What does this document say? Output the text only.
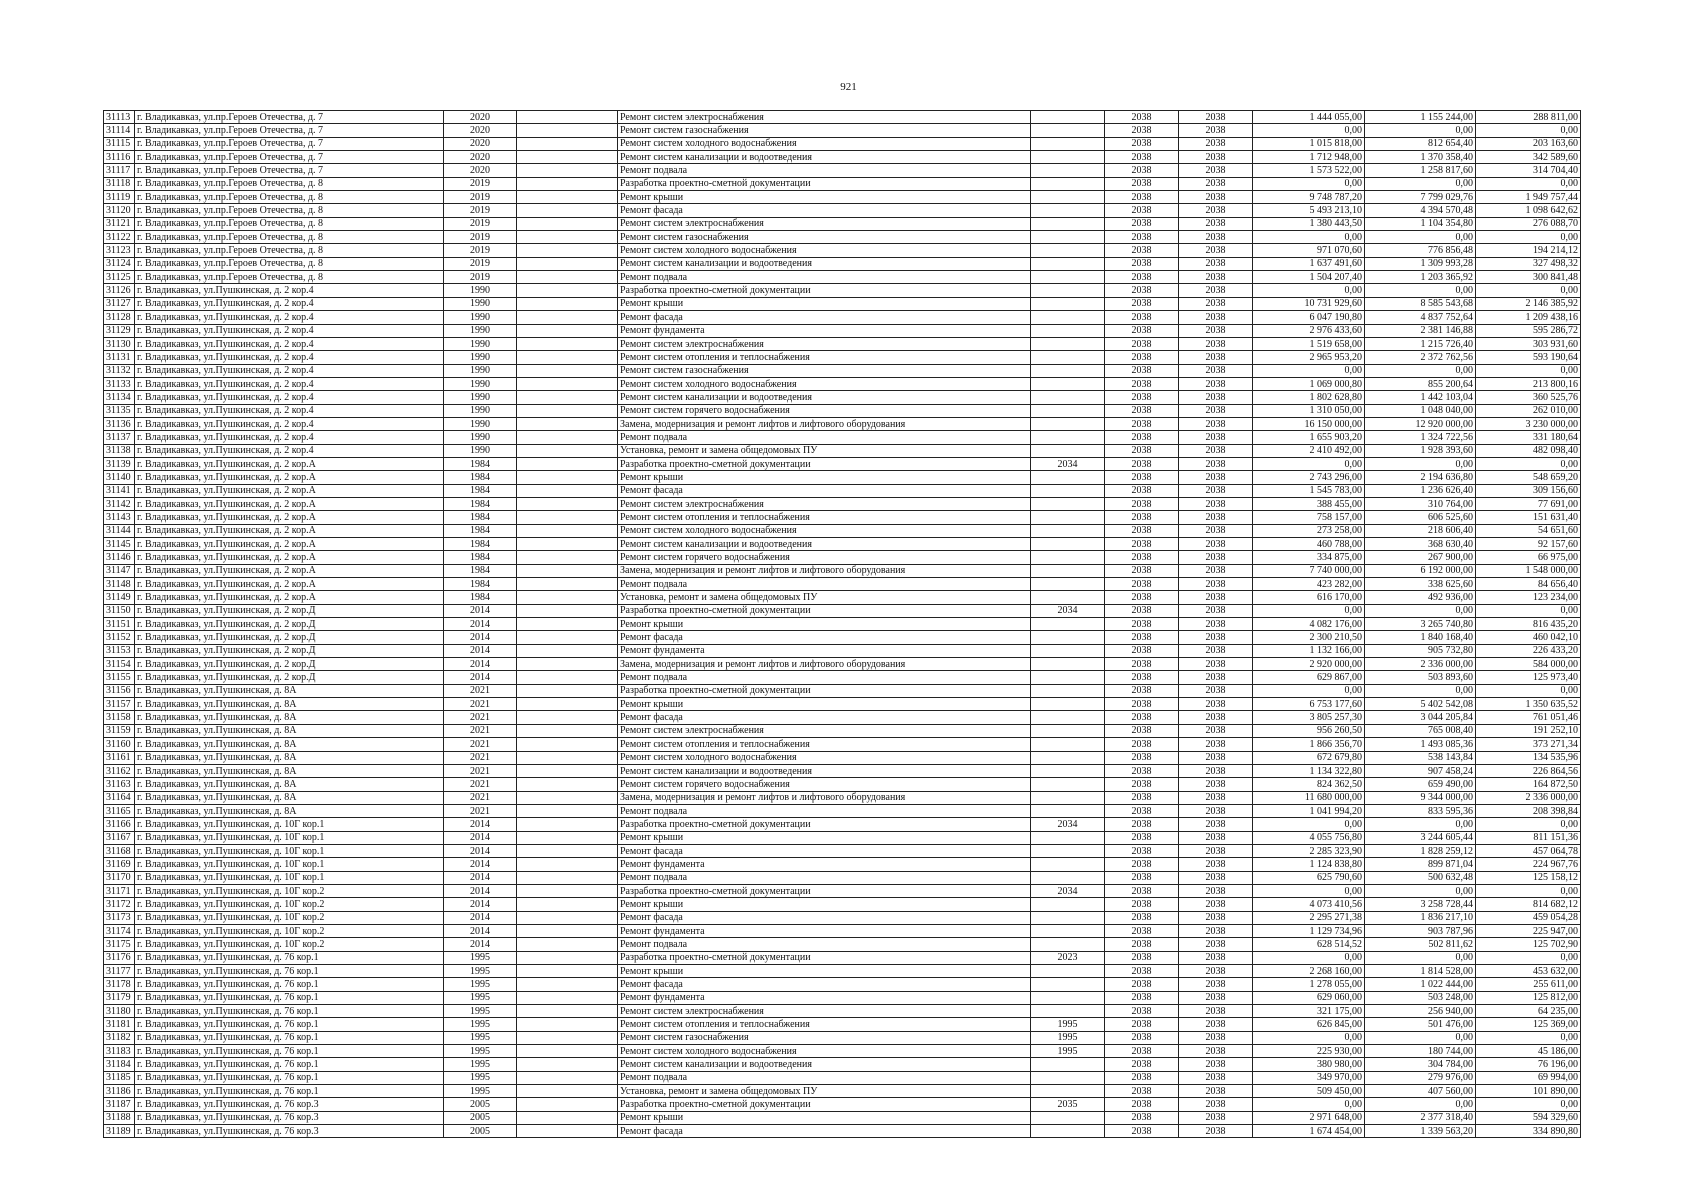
921
31113	г. Владикавказ, ул.пр.Героев Отечества, д. 7	2020		Ремонт систем электроснабжения		2038	2038	1 444 055,00	1 155 244,00	288 811,00
31114	г. Владикавказ, ул.пр.Героев Отечества, д. 7	2020		Ремонт систем газоснабжения		2038	2038	0,00	0,00	0,00
31115	г. Владикавказ, ул.пр.Героев Отечества, д. 7	2020		Ремонт систем холодного водоснабжения		2038	2038	1 015 818,00	812 654,40	203 163,60
31116	г. Владикавказ, ул.пр.Героев Отечества, д. 7	2020		Ремонт систем канализации и водоотведения		2038	2038	1 712 948,00	1 370 358,40	342 589,60
31117	г. Владикавказ, ул.пр.Героев Отечества, д. 7	2020		Ремонт подвала		2038	2038	1 573 522,00	1 258 817,60	314 704,40
31118	г. Владикавказ, ул.пр.Героев Отечества, д. 8	2019		Разработка проектно-сметной документации		2038	2038	0,00	0,00	0,00
31119	г. Владикавказ, ул.пр.Героев Отечества, д. 8	2019		Ремонт крыши		2038	2038	9 748 787,20	7 799 029,76	1 949 757,44
31120	г. Владикавказ, ул.пр.Героев Отечества, д. 8	2019		Ремонт фасада		2038	2038	5 493 213,10	4 394 570,48	1 098 642,62
31121	г. Владикавказ, ул.пр.Героев Отечества, д. 8	2019		Ремонт систем электроснабжения		2038	2038	1 380 443,50	1 104 354,80	276 088,70
31122	г. Владикавказ, ул.пр.Героев Отечества, д. 8	2019		Ремонт систем газоснабжения		2038	2038	0,00	0,00	0,00
31123	г. Владикавказ, ул.пр.Героев Отечества, д. 8	2019		Ремонт систем холодного водоснабжения		2038	2038	971 070,60	776 856,48	194 214,12
31124	г. Владикавказ, ул.пр.Героев Отечества, д. 8	2019		Ремонт систем канализации и водоотведения		2038	2038	1 637 491,60	1 309 993,28	327 498,32
31125	г. Владикавказ, ул.пр.Героев Отечества, д. 8	2019		Ремонт подвала		2038	2038	1 504 207,40	1 203 365,92	300 841,48
31126	г. Владикавказ, ул.Пушкинская, д. 2 кор.4	1990		Разработка проектно-сметной документации		2038	2038	0,00	0,00	0,00
31127	г. Владикавказ, ул.Пушкинская, д. 2 кор.4	1990		Ремонт крыши		2038	2038	10 731 929,60	8 585 543,68	2 146 385,92
31128	г. Владикавказ, ул.Пушкинская, д. 2 кор.4	1990		Ремонт фасада		2038	2038	6 047 190,80	4 837 752,64	1 209 438,16
31129	г. Владикавказ, ул.Пушкинская, д. 2 кор.4	1990		Ремонт фундамента		2038	2038	2 976 433,60	2 381 146,88	595 286,72
31130	г. Владикавказ, ул.Пушкинская, д. 2 кор.4	1990		Ремонт систем электроснабжения		2038	2038	1 519 658,00	1 215 726,40	303 931,60
31131	г. Владикавказ, ул.Пушкинская, д. 2 кор.4	1990		Ремонт систем отопления и теплоснабжения		2038	2038	2 965 953,20	2 372 762,56	593 190,64
31132	г. Владикавказ, ул.Пушкинская, д. 2 кор.4	1990		Ремонт систем газоснабжения		2038	2038	0,00	0,00	0,00
31133	г. Владикавказ, ул.Пушкинская, д. 2 кор.4	1990		Ремонт систем холодного водоснабжения		2038	2038	1 069 000,80	855 200,64	213 800,16
31134	г. Владикавказ, ул.Пушкинская, д. 2 кор.4	1990		Ремонт систем канализации и водоотведения		2038	2038	1 802 628,80	1 442 103,04	360 525,76
31135	г. Владикавказ, ул.Пушкинская, д. 2 кор.4	1990		Ремонт систем горячего водоснабжения		2038	2038	1 310 050,00	1 048 040,00	262 010,00
31136	г. Владикавказ, ул.Пушкинская, д. 2 кор.4	1990		Замена, модернизация и ремонт лифтов и лифтового оборудования		2038	2038	16 150 000,00	12 920 000,00	3 230 000,00
31137	г. Владикавказ, ул.Пушкинская, д. 2 кор.4	1990		Ремонт подвала		2038	2038	1 655 903,20	1 324 722,56	331 180,64
31138	г. Владикавказ, ул.Пушкинская, д. 2 кор.4	1990		Установка, ремонт и замена общедомовых ПУ		2038	2038	2 410 492,00	1 928 393,60	482 098,40
31139	г. Владикавказ, ул.Пушкинская, д. 2 кор.А	1984		Разработка проектно-сметной документации	2034	2038	2038	0,00	0,00	0,00
31140	г. Владикавказ, ул.Пушкинская, д. 2 кор.А	1984		Ремонт крыши		2038	2038	2 743 296,00	2 194 636,80	548 659,20
31141	г. Владикавказ, ул.Пушкинская, д. 2 кор.А	1984		Ремонт фасада		2038	2038	1 545 783,00	1 236 626,40	309 156,60
31142	г. Владикавказ, ул.Пушкинская, д. 2 кор.А	1984		Ремонт систем электроснабжения		2038	2038	388 455,00	310 764,00	77 691,00
31143	г. Владикавказ, ул.Пушкинская, д. 2 кор.А	1984		Ремонт систем отопления и теплоснабжения		2038	2038	758 157,00	606 525,60	151 631,40
31144	г. Владикавказ, ул.Пушкинская, д. 2 кор.А	1984		Ремонт систем холодного водоснабжения		2038	2038	273 258,00	218 606,40	54 651,60
31145	г. Владикавказ, ул.Пушкинская, д. 2 кор.А	1984		Ремонт систем канализации и водоотведения		2038	2038	460 788,00	368 630,40	92 157,60
31146	г. Владикавказ, ул.Пушкинская, д. 2 кор.А	1984		Ремонт систем горячего водоснабжения		2038	2038	334 875,00	267 900,00	66 975,00
31147	г. Владикавказ, ул.Пушкинская, д. 2 кор.А	1984		Замена, модернизация и ремонт лифтов и лифтового оборудования		2038	2038	7 740 000,00	6 192 000,00	1 548 000,00
31148	г. Владикавказ, ул.Пушкинская, д. 2 кор.А	1984		Ремонт подвала		2038	2038	423 282,00	338 625,60	84 656,40
31149	г. Владикавказ, ул.Пушкинская, д. 2 кор.А	1984		Установка, ремонт и замена общедомовых ПУ		2038	2038	616 170,00	492 936,00	123 234,00
31150	г. Владикавказ, ул.Пушкинская, д. 2 кор.Д	2014		Разработка проектно-сметной документации	2034	2038	2038	0,00	0,00	0,00
31151	г. Владикавказ, ул.Пушкинская, д. 2 кор.Д	2014		Ремонт крыши		2038	2038	4 082 176,00	3 265 740,80	816 435,20
31152	г. Владикавказ, ул.Пушкинская, д. 2 кор.Д	2014		Ремонт фасада		2038	2038	2 300 210,50	1 840 168,40	460 042,10
31153	г. Владикавказ, ул.Пушкинская, д. 2 кор.Д	2014		Ремонт фундамента		2038	2038	1 132 166,00	905 732,80	226 433,20
31154	г. Владикавказ, ул.Пушкинская, д. 2 кор.Д	2014		Замена, модернизация и ремонт лифтов и лифтового оборудования		2038	2038	2 920 000,00	2 336 000,00	584 000,00
31155	г. Владикавказ, ул.Пушкинская, д. 2 кор.Д	2014		Ремонт подвала		2038	2038	629 867,00	503 893,60	125 973,40
31156	г. Владикавказ, ул.Пушкинская, д. 8А	2021		Разработка проектно-сметной документации		2038	2038	0,00	0,00	0,00
31157	г. Владикавказ, ул.Пушкинская, д. 8А	2021		Ремонт крыши		2038	2038	6 753 177,60	5 402 542,08	1 350 635,52
31158	г. Владикавказ, ул.Пушкинская, д. 8А	2021		Ремонт фасада		2038	2038	3 805 257,30	3 044 205,84	761 051,46
31159	г. Владикавказ, ул.Пушкинская, д. 8А	2021		Ремонт систем электроснабжения		2038	2038	956 260,50	765 008,40	191 252,10
31160	г. Владикавказ, ул.Пушкинская, д. 8А	2021		Ремонт систем отопления и теплоснабжения		2038	2038	1 866 356,70	1 493 085,36	373 271,34
31161	г. Владикавказ, ул.Пушкинская, д. 8А	2021		Ремонт систем холодного водоснабжения		2038	2038	672 679,80	538 143,84	134 535,96
31162	г. Владикавказ, ул.Пушкинская, д. 8А	2021		Ремонт систем канализации и водоотведения		2038	2038	1 134 322,80	907 458,24	226 864,56
31163	г. Владикавказ, ул.Пушкинская, д. 8А	2021		Ремонт систем горячего водоснабжения		2038	2038	824 362,50	659 490,00	164 872,50
31164	г. Владикавказ, ул.Пушкинская, д. 8А	2021		Замена, модернизация и ремонт лифтов и лифтового оборудования		2038	2038	11 680 000,00	9 344 000,00	2 336 000,00
31165	г. Владикавказ, ул.Пушкинская, д. 8А	2021		Ремонт подвала		2038	2038	1 041 994,20	833 595,36	208 398,84
31166	г. Владикавказ, ул.Пушкинская, д. 10Г кор.1	2014		Разработка проектно-сметной документации	2034	2038	2038	0,00	0,00	0,00
31167	г. Владикавказ, ул.Пушкинская, д. 10Г кор.1	2014		Ремонт крыши		2038	2038	4 055 756,80	3 244 605,44	811 151,36
31168	г. Владикавказ, ул.Пушкинская, д. 10Г кор.1	2014		Ремонт фасада		2038	2038	2 285 323,90	1 828 259,12	457 064,78
31169	г. Владикавказ, ул.Пушкинская, д. 10Г кор.1	2014		Ремонт фундамента		2038	2038	1 124 838,80	899 871,04	224 967,76
31170	г. Владикавказ, ул.Пушкинская, д. 10Г кор.1	2014		Ремонт подвала		2038	2038	625 790,60	500 632,48	125 158,12
31171	г. Владикавказ, ул.Пушкинская, д. 10Г кор.2	2014		Разработка проектно-сметной документации	2034	2038	2038	0,00	0,00	0,00
31172	г. Владикавказ, ул.Пушкинская, д. 10Г кор.2	2014		Ремонт крыши		2038	2038	4 073 410,56	3 258 728,44	814 682,12
31173	г. Владикавказ, ул.Пушкинская, д. 10Г кор.2	2014		Ремонт фасада		2038	2038	2 295 271,38	1 836 217,10	459 054,28
31174	г. Владикавказ, ул.Пушкинская, д. 10Г кор.2	2014		Ремонт фундамента		2038	2038	1 129 734,96	903 787,96	225 947,00
31175	г. Владикавказ, ул.Пушкинская, д. 10Г кор.2	2014		Ремонт подвала		2038	2038	628 514,52	502 811,62	125 702,90
31176	г. Владикавказ, ул.Пушкинская, д. 76 кор.1	1995		Разработка проектно-сметной документации	2023	2038	2038	0,00	0,00	0,00
31177	г. Владикавказ, ул.Пушкинская, д. 76 кор.1	1995		Ремонт крыши		2038	2038	2 268 160,00	1 814 528,00	453 632,00
31178	г. Владикавказ, ул.Пушкинская, д. 76 кор.1	1995		Ремонт фасада		2038	2038	1 278 055,00	1 022 444,00	255 611,00
31179	г. Владикавказ, ул.Пушкинская, д. 76 кор.1	1995		Ремонт фундамента		2038	2038	629 060,00	503 248,00	125 812,00
31180	г. Владикавказ, ул.Пушкинская, д. 76 кор.1	1995		Ремонт систем электроснабжения		2038	2038	321 175,00	256 940,00	64 235,00
31181	г. Владикавказ, ул.Пушкинская, д. 76 кор.1	1995		Ремонт систем отопления и теплоснабжения	1995	2038	2038	626 845,00	501 476,00	125 369,00
31182	г. Владикавказ, ул.Пушкинская, д. 76 кор.1	1995		Ремонт систем газоснабжения	1995	2038	2038	0,00	0,00	0,00
31183	г. Владикавказ, ул.Пушкинская, д. 76 кор.1	1995		Ремонт систем холодного водоснабжения	1995	2038	2038	225 930,00	180 744,00	45 186,00
31184	г. Владикавказ, ул.Пушкинская, д. 76 кор.1	1995		Ремонт систем канализации и водоотведения		2038	2038	380 980,00	304 784,00	76 196,00
31185	г. Владикавказ, ул.Пушкинская, д. 76 кор.1	1995		Ремонт подвала		2038	2038	349 970,00	279 976,00	69 994,00
31186	г. Владикавказ, ул.Пушкинская, д. 76 кор.1	1995		Установка, ремонт и замена общедомовых ПУ		2038	2038	509 450,00	407 560,00	101 890,00
31187	г. Владикавказ, ул.Пушкинская, д. 76 кор.3	2005		Разработка проектно-сметной документации	2035	2038	2038	0,00	0,00	0,00
31188	г. Владикавказ, ул.Пушкинская, д. 76 кор.3	2005		Ремонт крыши		2038	2038	2 971 648,00	2 377 318,40	594 329,60
31189	г. Владикавказ, ул.Пушкинская, д. 76 кор.3	2005		Ремонт фасада		2038	2038	1 674 454,00	1 339 563,20	334 890,80
